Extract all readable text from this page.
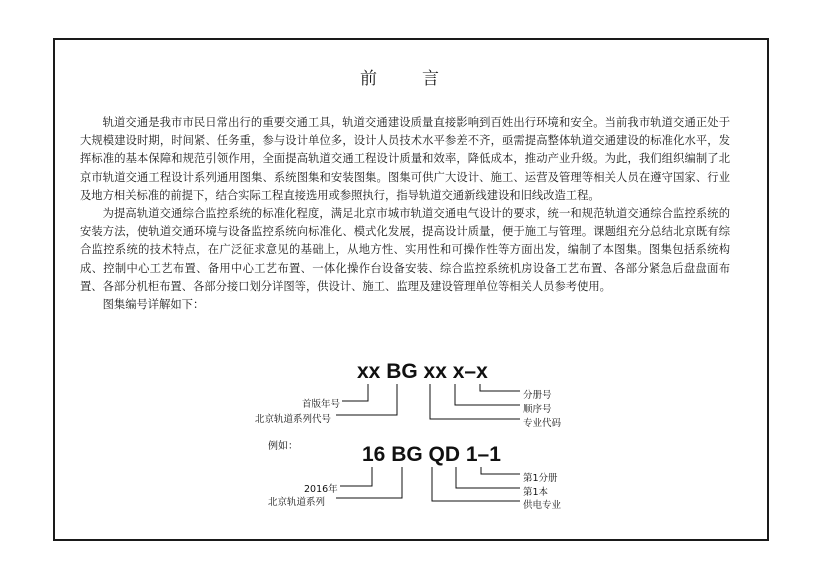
前　言

轨道交通是我市市民日常出行的重要交通工具，轨道交通建设质量直接影响到百姓出行环境和安全。当前我市轨道交通正处于大规模建设时期，时间紧、任务重，参与设计单位多，设计人员技术水平参差不齐，亟需提高整体轨道交通建设的标准化水平，发挥标准的基本保障和规范引领作用，全面提高轨道交通工程设计质量和效率，降低成本，推动产业升级。为此，我们组织编制了北京市轨道交通工程设计系列通用图集、系统图集和安装图集。图集可供广大设计、施工、运营及管理等相关人员在遵守国家、行业及地方相关标准的前提下，结合实际工程直接选用或参照执行，指导轨道交通新线建设和旧线改造工程。

为提高轨道交通综合监控系统的标准化程度，满足北京市城市轨道交通电气设计的要求，统一和规范轨道交通综合监控系统的安装方法，使轨道交通环境与设备监控系统向标准化、模式化发展，提高设计质量，便于施工与管理。课题组充分总结北京既有综合监控系统的技术特点，在广泛征求意见的基础上，从地方性、实用性和可操作性等方面出发，编制了本图集。图集包括系统构成、控制中心工艺布置、备用中心工艺布置、一体化操作台设备安装、综合监控系统机房设备工艺布置、各部分紧急后盘盘面布置、各部分机柜布置、各部分接口划分详图等，供设计、施工、监理及建设管理单位等相关人员参考使用。

图集编号详解如下：

xx BG xx x–x
分册号
顺序号
专业代码
首版年号
北京轨道系列代号
例如：	16 BG QD 1–1
第1分册
第1本
供电专业
2016年
北京轨道系列
